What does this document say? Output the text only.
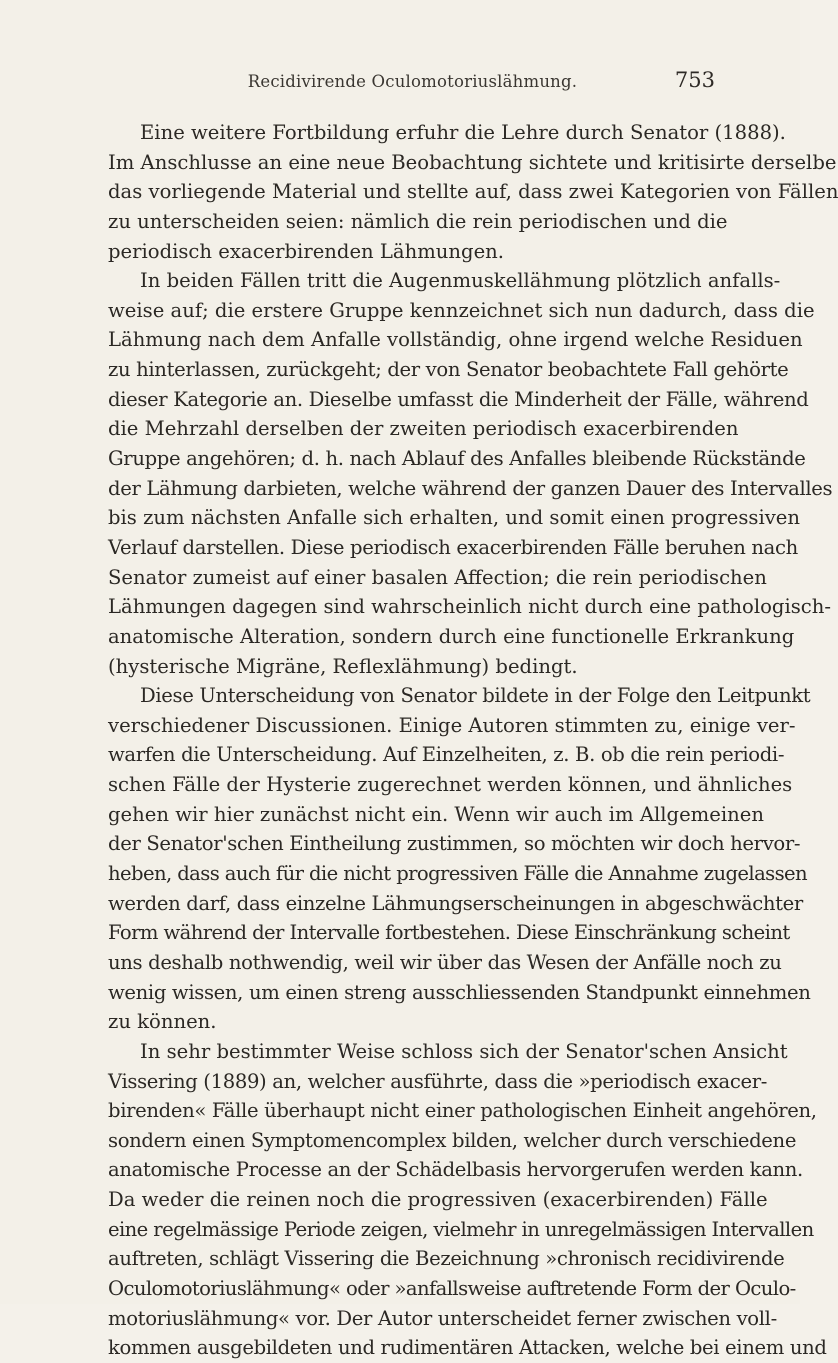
Recidivirende Oculomotoriuslähmung.	753
Eine weitere Fortbildung erfuhr die Lehre durch Senator (1888).
Im Anschlusse an eine neue Beobachtung sichtete und kritisirte derselbe
das vorliegende Material und stellte auf, dass zwei Kategorien von Fällen
zu unterscheiden seien: nämlich die rein periodischen und die
periodisch exacerbirenden Lähmungen.
In beiden Fällen tritt die Augenmuskellähmung plötzlich anfalls-
weise auf; die erstere Gruppe kennzeichnet sich nun dadurch, dass die
Lähmung nach dem Anfalle vollständig, ohne irgend welche Residuen
zu hinterlassen, zurückgeht; der von Senator beobachtete Fall gehörte
dieser Kategorie an. Dieselbe umfasst die Minderheit der Fälle, während
die Mehrzahl derselben der zweiten periodisch exacerbirenden
Gruppe angehören; d. h. nach Ablauf des Anfalles bleibende Rückstände
der Lähmung darbieten, welche während der ganzen Dauer des Intervalles
bis zum nächsten Anfalle sich erhalten, und somit einen progressiven
Verlauf darstellen. Diese periodisch exacerbirenden Fälle beruhen nach
Senator zumeist auf einer basalen Affection; die rein periodischen
Lähmungen dagegen sind wahrscheinlich nicht durch eine pathologisch-
anatomische Alteration, sondern durch eine functionelle Erkrankung
(hysterische Migräne, Reflexlähmung) bedingt.
Diese Unterscheidung von Senator bildete in der Folge den Leitpunkt
verschiedener Discussionen. Einige Autoren stimmten zu, einige ver-
warfen die Unterscheidung. Auf Einzelheiten, z. B. ob die rein periodi-
schen Fälle der Hysterie zugerechnet werden können, und ähnliches
gehen wir hier zunächst nicht ein. Wenn wir auch im Allgemeinen
der Senator'schen Eintheilung zustimmen, so möchten wir doch hervor-
heben, dass auch für die nicht progressiven Fälle die Annahme zugelassen
werden darf, dass einzelne Lähmungserscheinungen in abgeschwächter
Form während der Intervalle fortbestehen. Diese Einschränkung scheint
uns deshalb nothwendig, weil wir über das Wesen der Anfälle noch zu
wenig wissen, um einen streng ausschliessenden Standpunkt einnehmen
zu können.
In sehr bestimmter Weise schloss sich der Senator'schen Ansicht
Vissering (1889) an, welcher ausführte, dass die »periodisch exacer-
birenden« Fälle überhaupt nicht einer pathologischen Einheit angehören,
sondern einen Symptomencomplex bilden, welcher durch verschiedene
anatomische Processe an der Schädelbasis hervorgerufen werden kann.
Da weder die reinen noch die progressiven (exacerbirenden) Fälle
eine regelmässige Periode zeigen, vielmehr in unregelmässigen Intervallen
auftreten, schlägt Vissering die Bezeichnung »chronisch recidivirende
Oculomotoriuslähmung« oder »anfallsweise auftretende Form der Oculo-
motoriuslähmung« vor. Der Autor unterscheidet ferner zwischen voll-
kommen ausgebildeten und rudimentären Attacken, welche bei einem und
